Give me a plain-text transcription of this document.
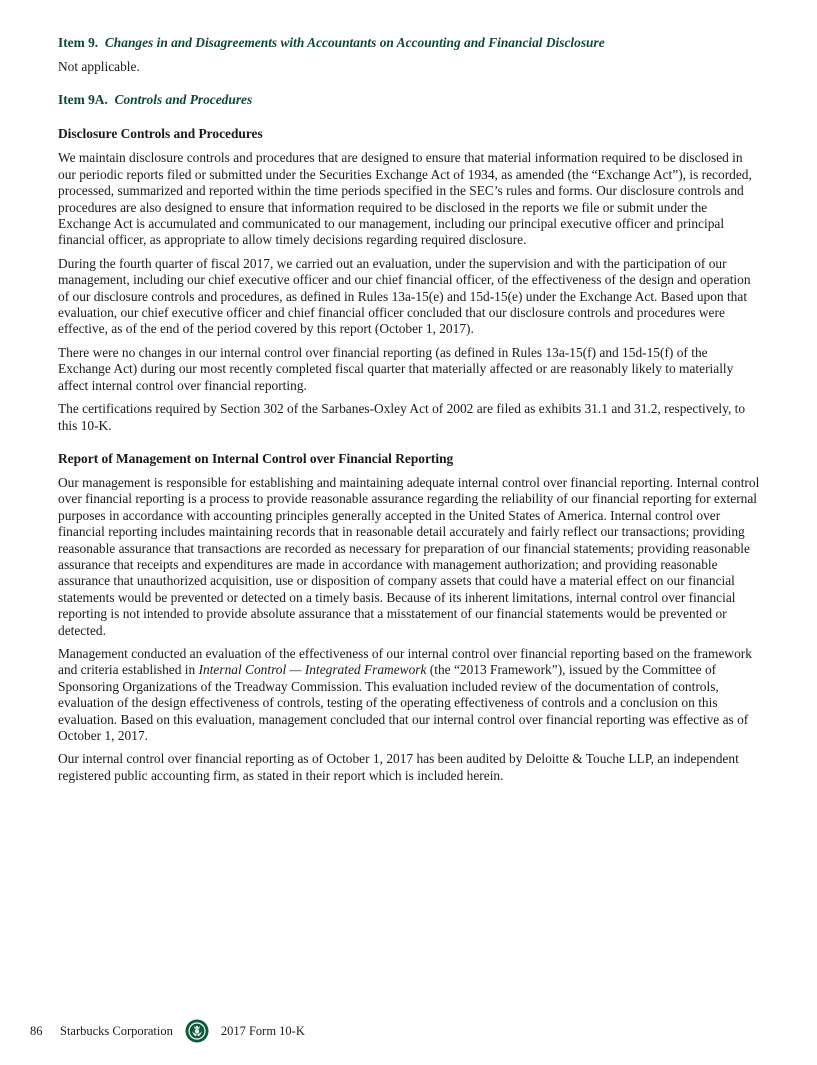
Item 9. Changes in and Disagreements with Accountants on Accounting and Financial Disclosure

Not applicable.

Item 9A. Controls and Procedures
Disclosure Controls and Procedures

We maintain disclosure controls and procedures that are designed to ensure that material information required to be disclosed in our periodic reports filed or submitted under the Securities Exchange Act of 1934, as amended (the “Exchange Act”), is recorded, processed, summarized and reported within the time periods specified in the SEC’s rules and forms. Our disclosure controls and procedures are also designed to ensure that information required to be disclosed in the reports we file or submit under the Exchange Act is accumulated and communicated to our management, including our principal executive officer and principal financial officer, as appropriate to allow timely decisions regarding required disclosure.

During the fourth quarter of fiscal 2017, we carried out an evaluation, under the supervision and with the participation of our management, including our chief executive officer and our chief financial officer, of the effectiveness of the design and operation of our disclosure controls and procedures, as defined in Rules 13a-15(e) and 15d-15(e) under the Exchange Act. Based upon that evaluation, our chief executive officer and chief financial officer concluded that our disclosure controls and procedures were effective, as of the end of the period covered by this report (October 1, 2017).

There were no changes in our internal control over financial reporting (as defined in Rules 13a-15(f) and 15d-15(f) of the Exchange Act) during our most recently completed fiscal quarter that materially affected or are reasonably likely to materially affect internal control over financial reporting.

The certifications required by Section 302 of the Sarbanes-Oxley Act of 2002 are filed as exhibits 31.1 and 31.2, respectively, to this 10-K.

Report of Management on Internal Control over Financial Reporting

Our management is responsible for establishing and maintaining adequate internal control over financial reporting. Internal control over financial reporting is a process to provide reasonable assurance regarding the reliability of our financial reporting for external purposes in accordance with accounting principles generally accepted in the United States of America. Internal control over financial reporting includes maintaining records that in reasonable detail accurately and fairly reflect our transactions; providing reasonable assurance that transactions are recorded as necessary for preparation of our financial statements; providing reasonable assurance that receipts and expenditures are made in accordance with management authorization; and providing reasonable assurance that unauthorized acquisition, use or disposition of company assets that could have a material effect on our financial statements would be prevented or detected on a timely basis. Because of its inherent limitations, internal control over financial reporting is not intended to provide absolute assurance that a misstatement of our financial statements would be prevented or detected.

Management conducted an evaluation of the effectiveness of our internal control over financial reporting based on the framework and criteria established in Internal Control — Integrated Framework (the “2013 Framework”), issued by the Committee of Sponsoring Organizations of the Treadway Commission. This evaluation included review of the documentation of controls, evaluation of the design effectiveness of controls, testing of the operating effectiveness of controls and a conclusion on this evaluation. Based on this evaluation, management concluded that our internal control over financial reporting was effective as of October 1, 2017.

Our internal control over financial reporting as of October 1, 2017 has been audited by Deloitte & Touche LLP, an independent registered public accounting firm, as stated in their report which is included herein.

86	Starbucks Corporation	2017 Form 10-K
